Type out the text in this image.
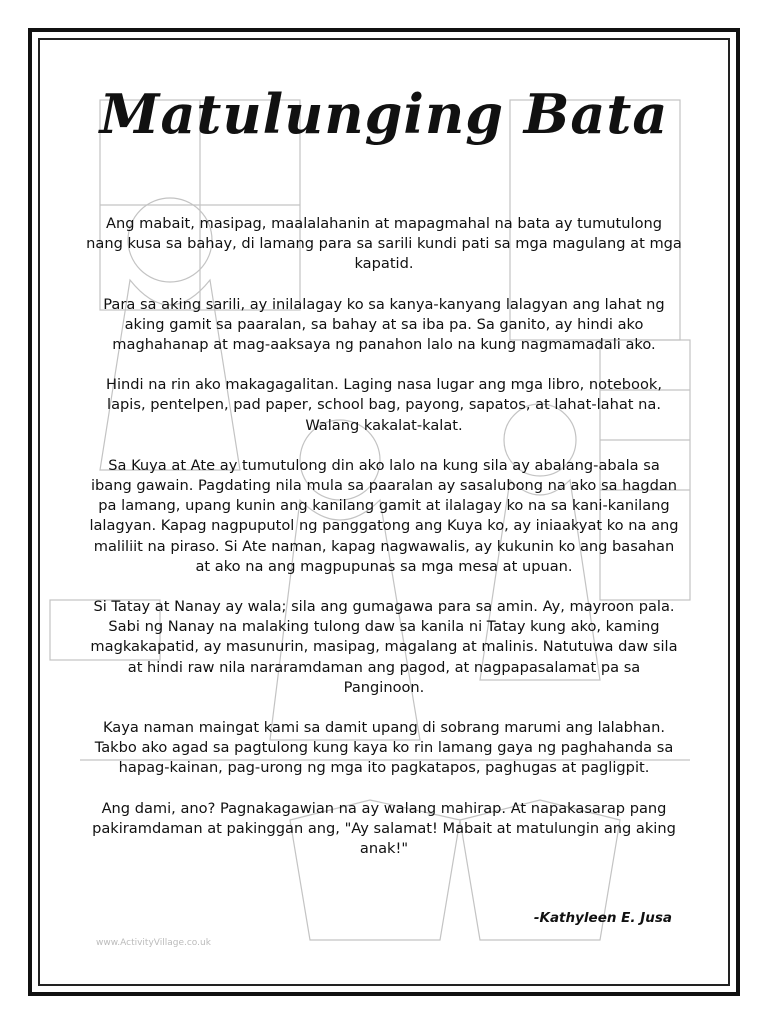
Matulunging Bata

Ang mabait, masipag, maalalahanin at mapagmahal na bata ay tumutulong nang kusa sa bahay, di lamang para sa sarili kundi pati sa mga magulang at mga kapatid.

Para sa aking sarili, ay inilalagay ko sa kanya-kanyang lalagyan ang lahat ng aking gamit sa paaralan, sa bahay at sa iba pa. Sa ganito, ay hindi ako maghahanap at mag-aaksaya ng panahon lalo na kung nagmamadali ako.

Hindi na rin ako makagagalitan. Laging nasa lugar ang mga libro, notebook, lapis, pentelpen, pad paper, school bag, payong, sapatos, at lahat-lahat na. Walang kakalat-kalat.

Sa Kuya at Ate ay tumutulong din ako lalo na kung sila ay abalang-abala sa ibang gawain. Pagdating nila mula sa paaralan ay sasalubong na ako sa hagdan pa lamang, upang kunin ang kanilang gamit at ilalagay ko na sa kani-kanilang lalagyan. Kapag nagpuputol ng panggatong ang Kuya ko, ay iniaakyat ko na ang maliliit na piraso. Si Ate naman, kapag nagwawalis, ay kukunin ko ang basahan at ako na ang magpupunas sa mga mesa at upuan.

Si Tatay at Nanay ay wala; sila ang gumagawa para sa amin. Ay, mayroon pala. Sabi ng Nanay na malaking tulong daw sa kanila ni Tatay kung ako, kaming magkakapatid, ay masunurin, masipag, magalang at malinis. Natutuwa daw sila at hindi raw nila nararamdaman ang pagod, at nagpapasalamat pa sa Panginoon.

Kaya naman maingat kami sa damit upang di sobrang marumi ang lalabhan. Takbo ako agad sa pagtulong kung kaya ko rin lamang gaya ng paghahanda sa hapag-kainan, pag-urong ng mga ito pagkatapos, paghugas at pagligpit.

Ang dami, ano? Pagnakagawian na ay walang mahirap. At napakasarap pang pakiramdaman at pakinggan ang, "Ay salamat! Mabait at matulungin ang aking anak!"

-Kathyleen E. Jusa
www.ActivityVillage.co.uk
